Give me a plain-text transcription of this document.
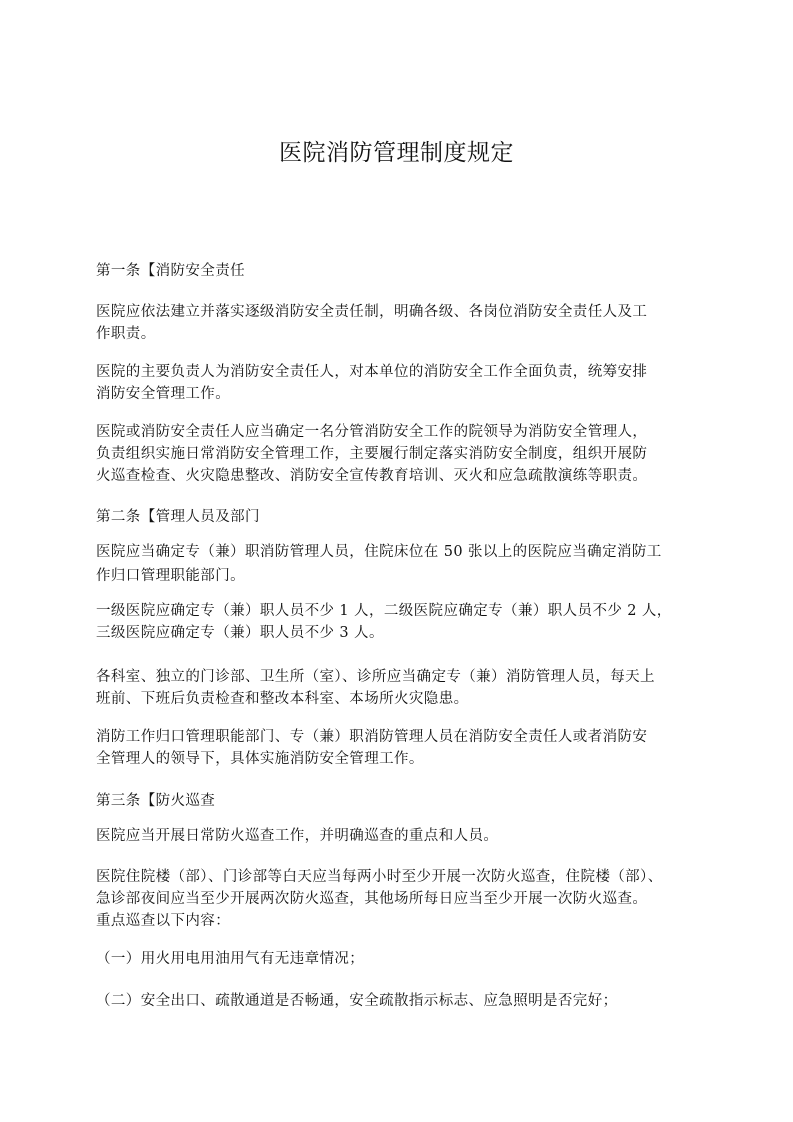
医院消防管理制度规定
第一条【消防安全责任
医院应依法建立并落实逐级消防安全责任制，明确各级、各岗位消防安全责任人及工
作职责。
医院的主要负责人为消防安全责任人，对本单位的消防安全工作全面负责，统筹安排
消防安全管理工作。
医院或消防安全责任人应当确定一名分管消防安全工作的院领导为消防安全管理人，
负责组织实施日常消防安全管理工作，主要履行制定落实消防安全制度，组织开展防
火巡查检查、火灾隐患整改、消防安全宣传教育培训、灭火和应急疏散演练等职责。
第二条【管理人员及部门
医院应当确定专（兼）职消防管理人员，住院床位在 50 张以上的医院应当确定消防工
作归口管理职能部门。
一级医院应确定专（兼）职人员不少 1 人，二级医院应确定专（兼）职人员不少 2 人，
三级医院应确定专（兼）职人员不少 3 人。
各科室、独立的门诊部、卫生所（室）、诊所应当确定专（兼）消防管理人员，每天上
班前、下班后负责检查和整改本科室、本场所火灾隐患。
消防工作归口管理职能部门、专（兼）职消防管理人员在消防安全责任人或者消防安
全管理人的领导下，具体实施消防安全管理工作。
第三条【防火巡查
医院应当开展日常防火巡查工作，并明确巡查的重点和人员。
医院住院楼（部）、门诊部等白天应当每两小时至少开展一次防火巡查，住院楼（部）、
急诊部夜间应当至少开展两次防火巡查，其他场所每日应当至少开展一次防火巡查。
重点巡查以下内容：
（一）用火用电用油用气有无违章情况；
（二）安全出口、疏散通道是否畅通，安全疏散指示标志、应急照明是否完好；
